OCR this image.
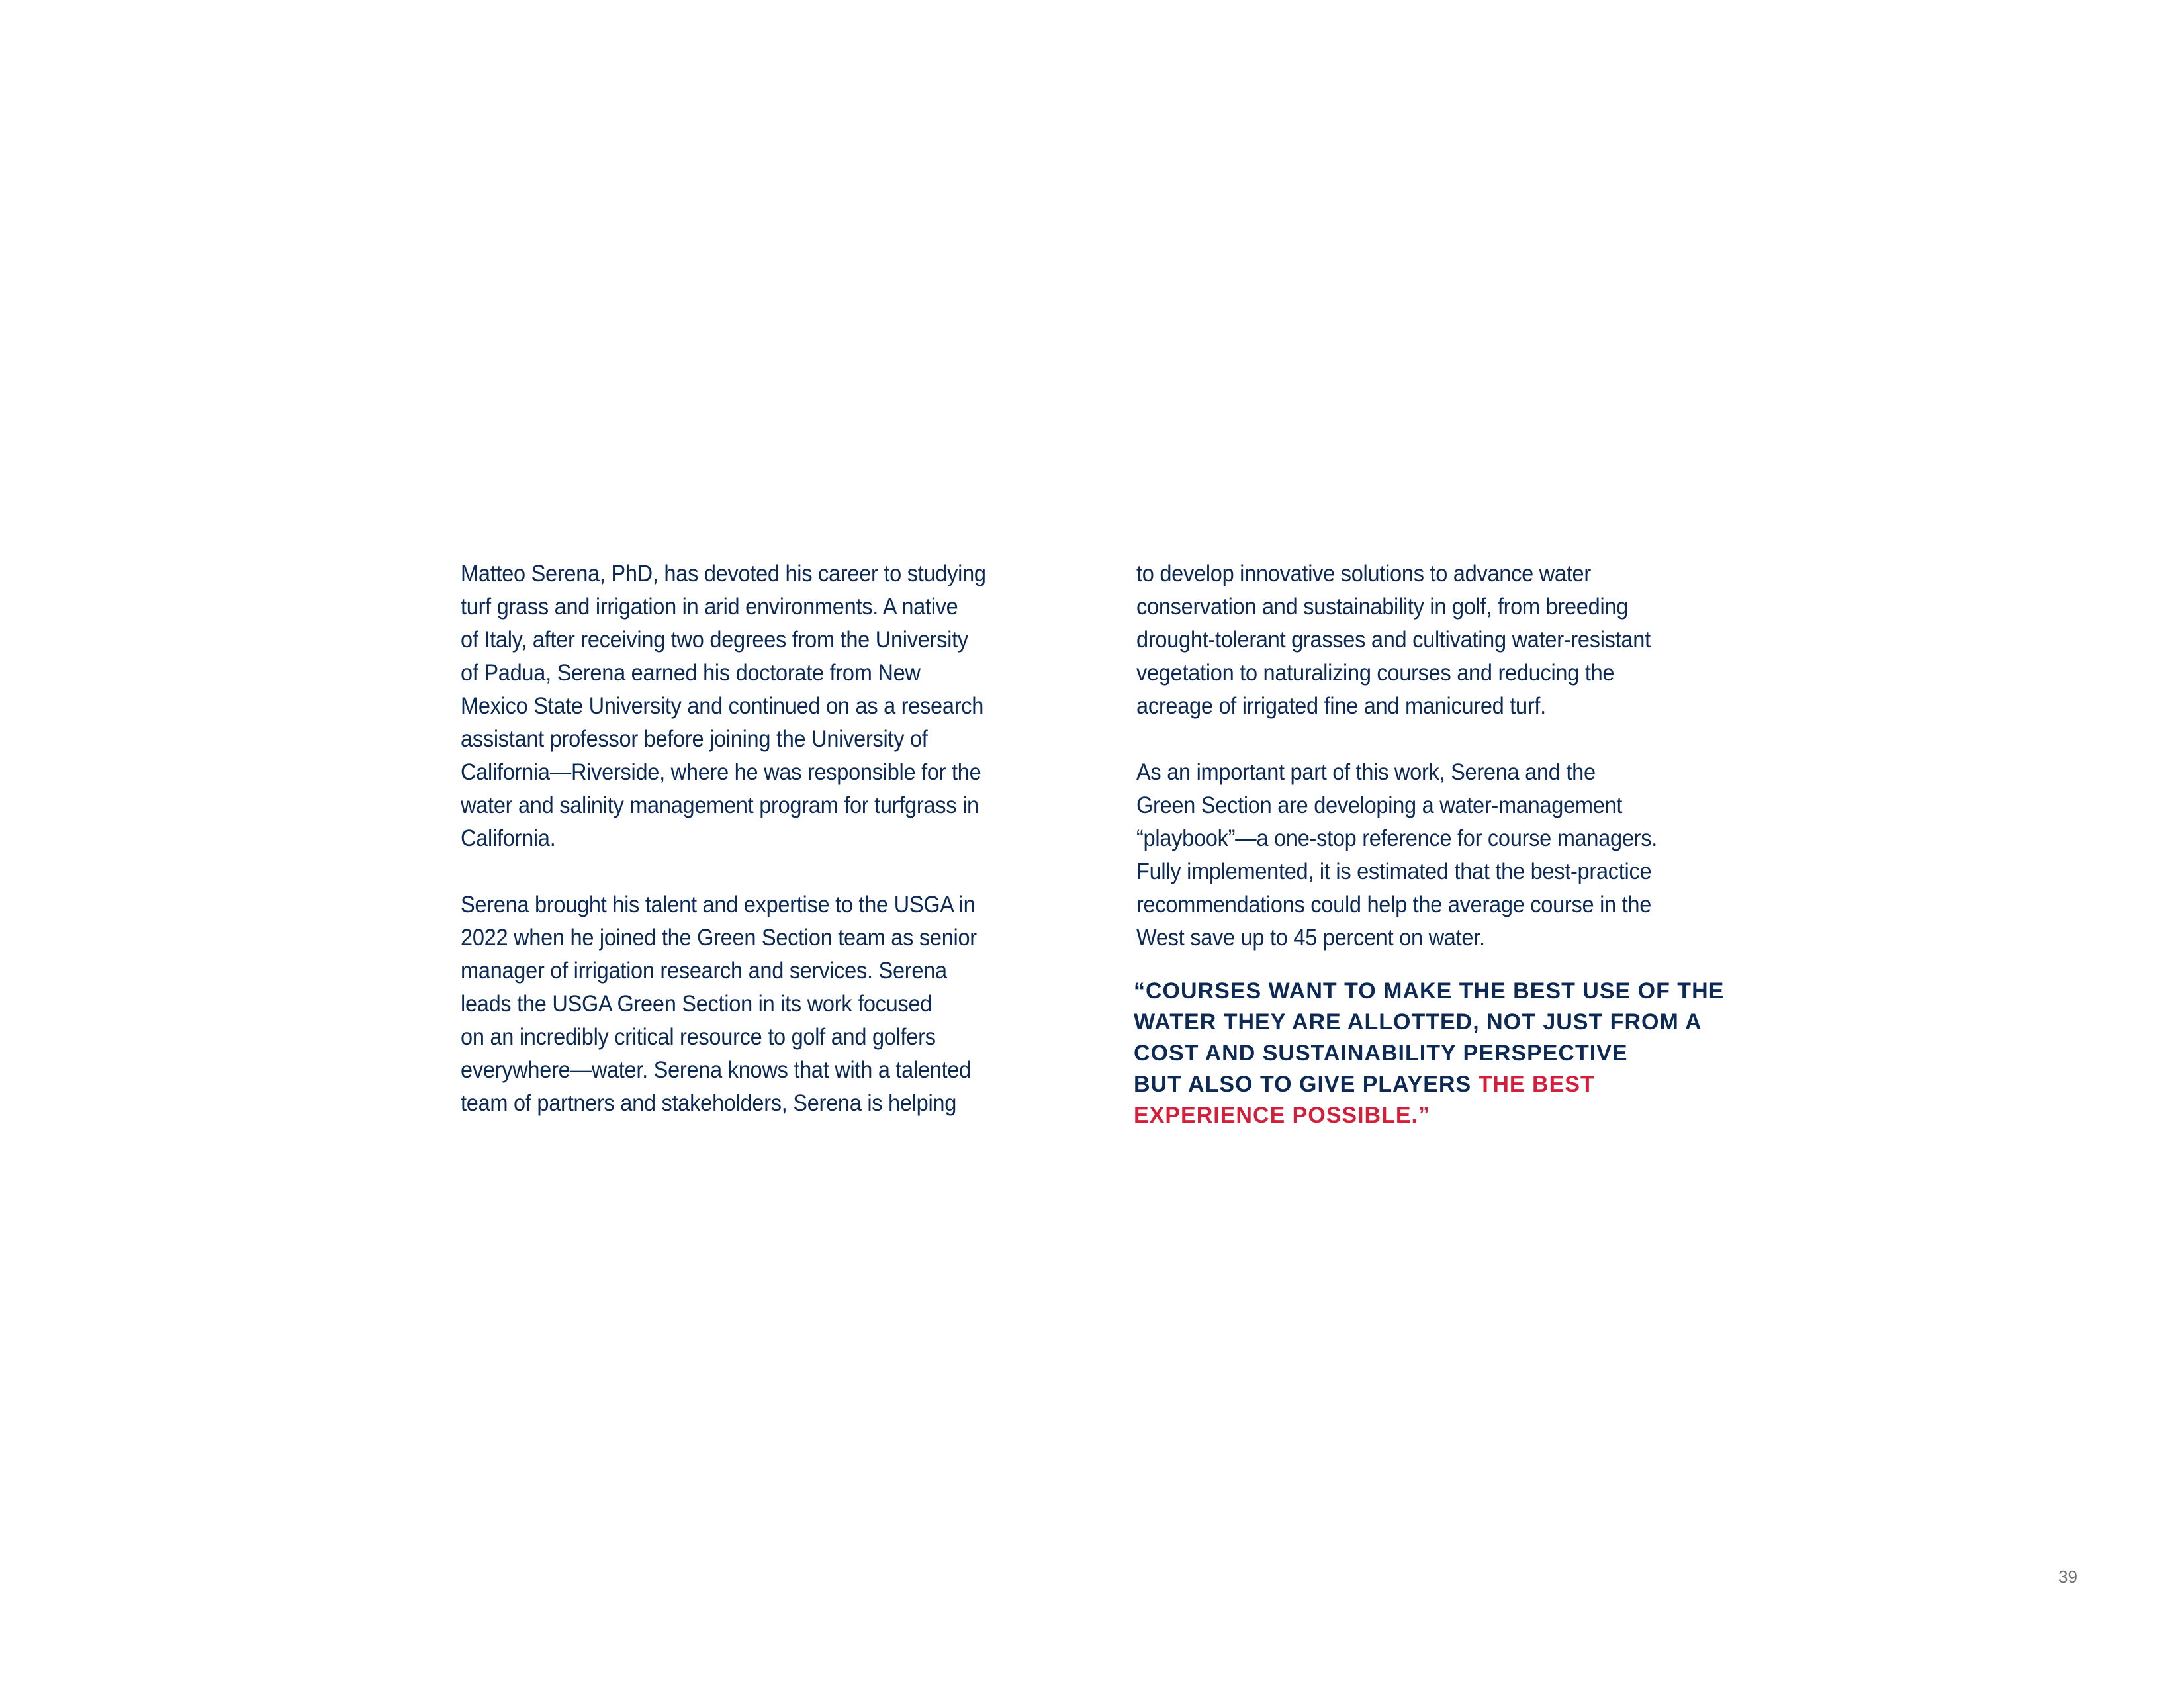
Matteo Serena, PhD, has devoted his career to studying
turf grass and irrigation in arid environments. A native
of Italy, after receiving two degrees from the University
of Padua, Serena earned his doctorate from New
Mexico State University and continued on as a research
assistant professor before joining the University of
California—Riverside, where he was responsible for the
water and salinity management program for turfgrass in
California.
Serena brought his talent and expertise to the USGA in
2022 when he joined the Green Section team as senior
manager of irrigation research and services. Serena
leads the USGA Green Section in its work focused
on an incredibly critical resource to golf and golfers
everywhere—water. Serena knows that with a talented
team of partners and stakeholders, Serena is helping
to develop innovative solutions to advance water
conservation and sustainability in golf, from breeding
drought-tolerant grasses and cultivating water-resistant
vegetation to naturalizing courses and reducing the
acreage of irrigated fine and manicured turf.
As an important part of this work, Serena and the
Green Section are developing a water-management
“playbook”—a one-stop reference for course managers.
Fully implemented, it is estimated that the best-practice
recommendations could help the average course in the
West save up to 45 percent on water.
“COURSES WANT TO MAKE THE BEST USE OF THE
WATER THEY ARE ALLOTTED, NOT JUST FROM A
COST AND SUSTAINABILITY PERSPECTIVE
BUT ALSO TO GIVE PLAYERS THE BEST
EXPERIENCE POSSIBLE.”
39
